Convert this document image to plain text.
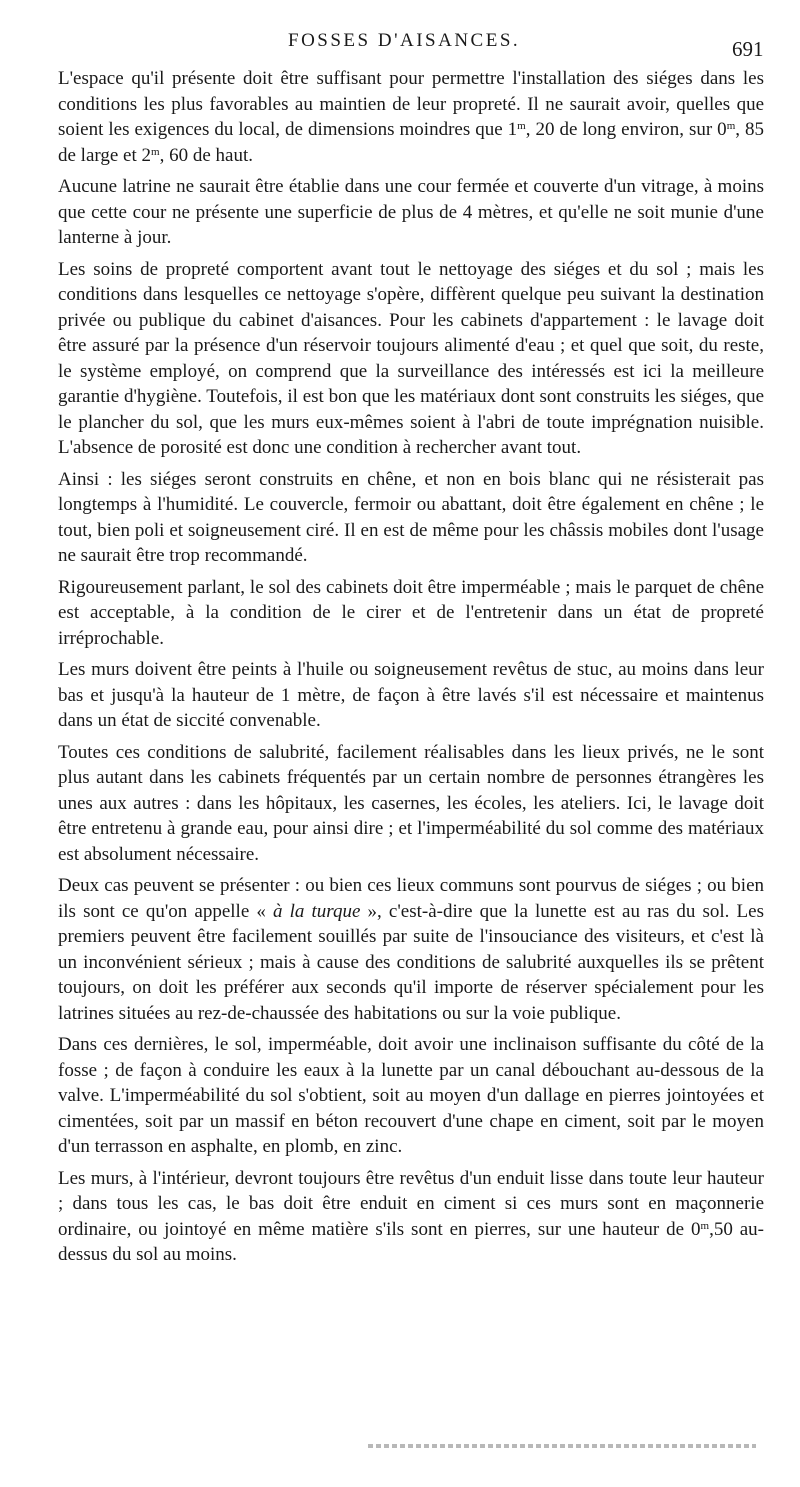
FOSSES D'AISANCES.	691

L'espace qu'il présente doit être suffisant pour permettre l'installation des siéges dans les conditions les plus favorables au maintien de leur propreté. Il ne saurait avoir, quelles que soient les exigences du local, de dimensions moindres que 1$^m$, 20 de long environ, sur 0$^m$, 85 de large et 2$^m$, 60 de haut.

Aucune latrine ne saurait être établie dans une cour fermée et couverte d'un vitrage, à moins que cette cour ne présente une superficie de plus de 4 mètres, et qu'elle ne soit munie d'une lanterne à jour.

Les soins de propreté comportent avant tout le nettoyage des siéges et du sol ; mais les conditions dans lesquelles ce nettoyage s'opère, diffèrent quelque peu suivant la destination privée ou publique du cabinet d'aisances. Pour les cabinets d'appartement : le lavage doit être assuré par la présence d'un réservoir toujours alimenté d'eau ; et quel que soit, du reste, le système employé, on comprend que la surveillance des intéressés est ici la meilleure garantie d'hygiène. Toutefois, il est bon que les matériaux dont sont construits les siéges, que le plancher du sol, que les murs eux-mêmes soient à l'abri de toute imprégnation nuisible. L'absence de porosité est donc une condition à rechercher avant tout.

Ainsi : les siéges seront construits en chêne, et non en bois blanc qui ne résisterait pas longtemps à l'humidité. Le couvercle, fermoir ou abattant, doit être également en chêne ; le tout, bien poli et soigneusement ciré. Il en est de même pour les châssis mobiles dont l'usage ne saurait être trop recommandé.

Rigoureusement parlant, le sol des cabinets doit être imperméable ; mais le parquet de chêne est acceptable, à la condition de le cirer et de l'entretenir dans un état de propreté irréprochable.

Les murs doivent être peints à l'huile ou soigneusement revêtus de stuc, au moins dans leur bas et jusqu'à la hauteur de 1 mètre, de façon à être lavés s'il est nécessaire et maintenus dans un état de siccité convenable.

Toutes ces conditions de salubrité, facilement réalisables dans les lieux privés, ne le sont plus autant dans les cabinets fréquentés par un certain nombre de personnes étrangères les unes aux autres : dans les hôpitaux, les casernes, les écoles, les ateliers. Ici, le lavage doit être entretenu à grande eau, pour ainsi dire ; et l'imperméabilité du sol comme des matériaux est absolument nécessaire.

Deux cas peuvent se présenter : ou bien ces lieux communs sont pourvus de siéges ; ou bien ils sont ce qu'on appelle « à la turque », c'est-à-dire que la lunette est au ras du sol. Les premiers peuvent être facilement souillés par suite de l'insouciance des visiteurs, et c'est là un inconvénient sérieux ; mais à cause des conditions de salubrité auxquelles ils se prêtent toujours, on doit les préférer aux seconds qu'il importe de réserver spécialement pour les latrines situées au rez-de-chaussée des habitations ou sur la voie publique.

Dans ces dernières, le sol, imperméable, doit avoir une inclinaison suffisante du côté de la fosse ; de façon à conduire les eaux à la lunette par un canal débouchant au-dessous de la valve. L'imperméabilité du sol s'obtient, soit au moyen d'un dallage en pierres jointoyées et cimentées, soit par un massif en béton recouvert d'une chape en ciment, soit par le moyen d'un terrasson en asphalte, en plomb, en zinc.

Les murs, à l'intérieur, devront toujours être revêtus d'un enduit lisse dans toute leur hauteur ; dans tous les cas, le bas doit être enduit en ciment si ces murs sont en maçonnerie ordinaire, ou jointoyé en même matière s'ils sont en pierres, sur une hauteur de 0$^m$,50 au-dessus du sol au moins.
